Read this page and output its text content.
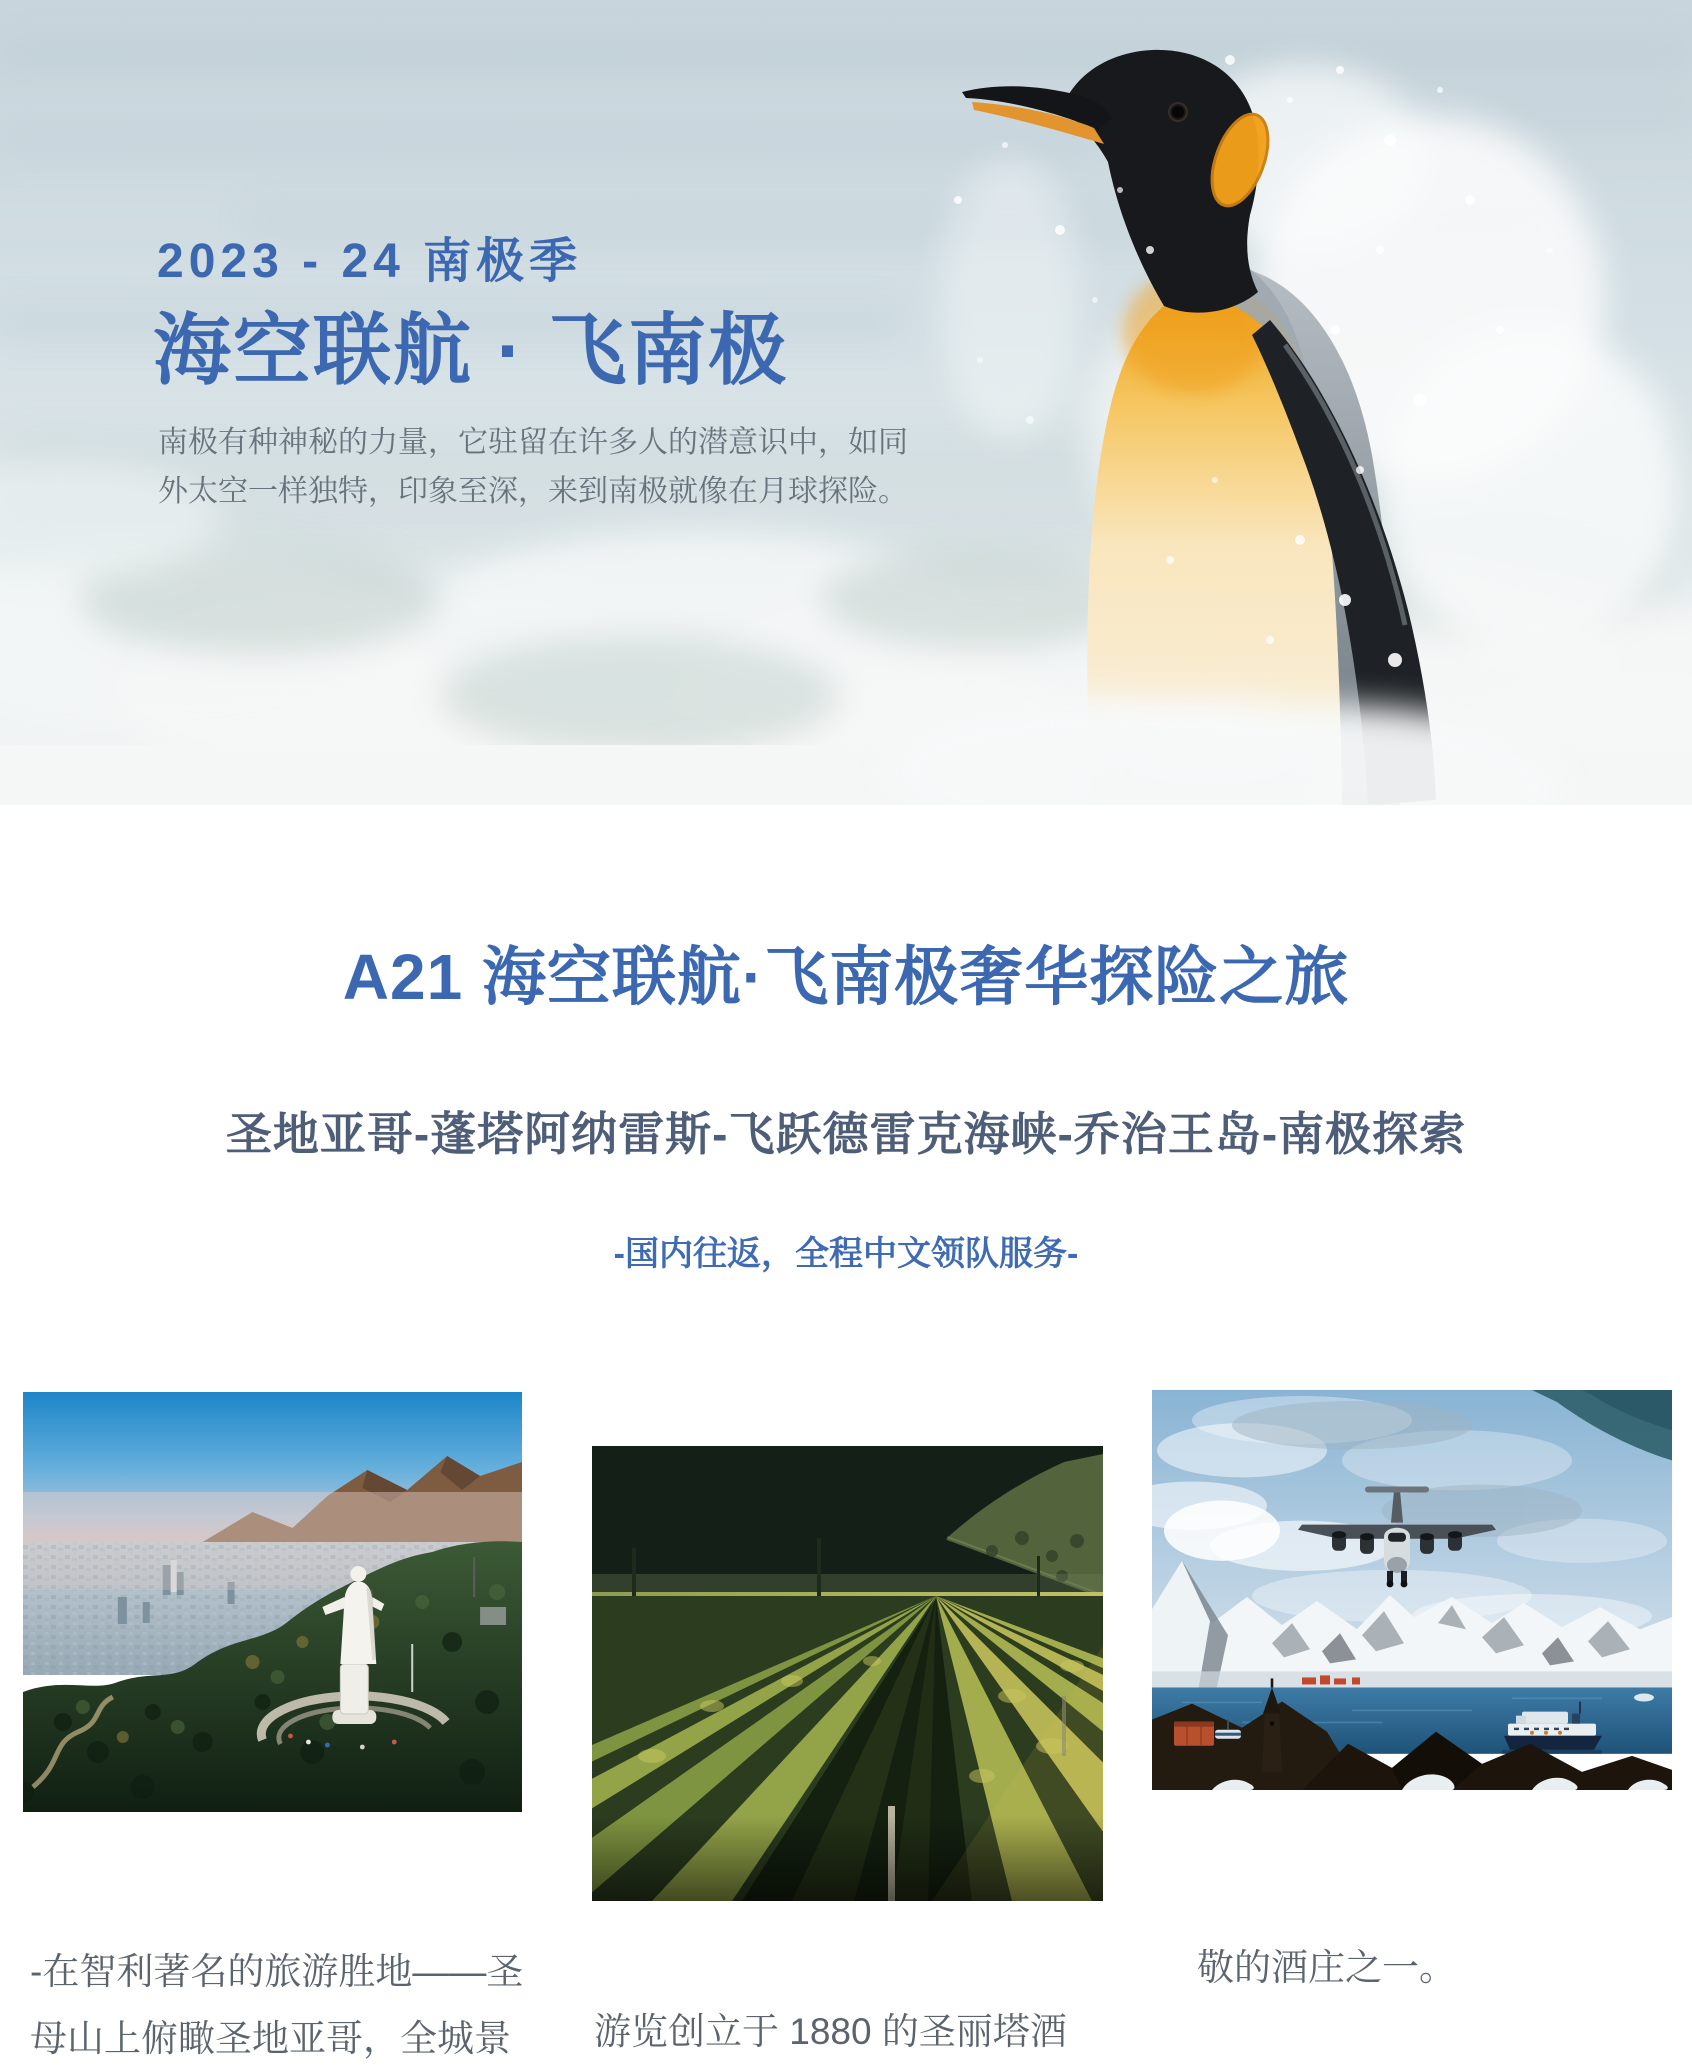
2023 - 24 南极季
海空联航 · 飞南极
南极有种神秘的力量，它驻留在许多人的潜意识中，如同
外太空一样独特，印象至深，来到南极就像在月球探险。
A21 海空联航·飞南极奢华探险之旅
圣地亚哥-蓬塔阿纳雷斯-飞跃德雷克海峡-乔治王岛-南极探索
-国内往返，全程中文领队服务-
-在智利著名的旅游胜地——圣
母山上俯瞰圣地亚哥，全城景	游览创立于 1880 的圣丽塔酒
敬的酒庄之一。
